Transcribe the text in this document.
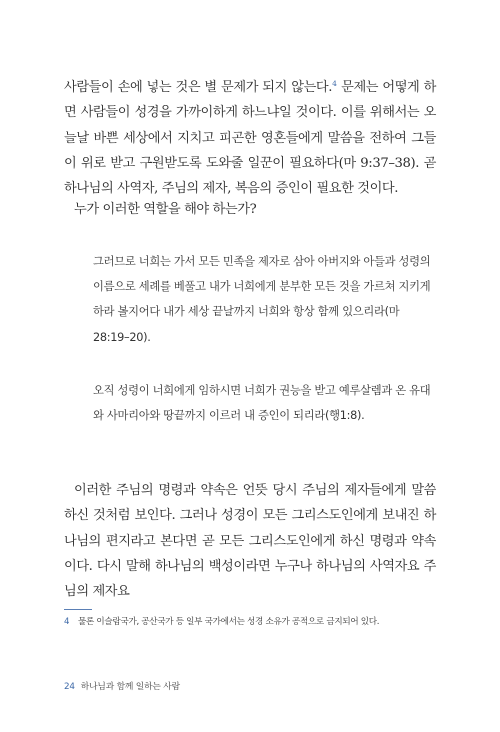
사람들이 손에 넣는 것은 별 문제가 되지 않는다.$^4$ 문제는 어떻게 하면 사람들이 성경을 가까이하게 하느냐일 것이다. 이를 위해서는 오늘날 바쁜 세상에서 지치고 피곤한 영혼들에게 말씀을 전하여 그들이 위로 받고 구원받도록 도와줄 일꾼이 필요하다(마 9:37–38). 곧 하나님의 사역자, 주님의 제자, 복음의 증인이 필요한 것이다.

누가 이러한 역할을 해야 하는가?

그러므로 너희는 가서 모든 민족을 제자로 삼아 아버지와 아들과 성령의 이름으로 세례를 베풀고 내가 너희에게 분부한 모든 것을 가르쳐 지키게 하라 볼지어다 내가 세상 끝날까지 너희와 항상 함께 있으리라(마 28:19–20).

오직 성령이 너희에게 임하시면 너희가 권능을 받고 예루살렘과 온 유대와 사마리아와 땅끝까지 이르러 내 증인이 되리라(행1:8).

이러한 주님의 명령과 약속은 언뜻 당시 주님의 제자들에게 말씀하신 것처럼 보인다. 그러나 성경이 모든 그리스도인에게 보내진 하나님의 편지라고 본다면 곧 모든 그리스도인에게 하신 명령과 약속이다. 다시 말해 하나님의 백성이라면 누구나 하나님의 사역자요 주님의 제자요

4 물론 이슬람국가, 공산국가 등 일부 국가에서는 성경 소유가 공적으로 금지되어 있다.

24 하나님과 함께 일하는 사람
